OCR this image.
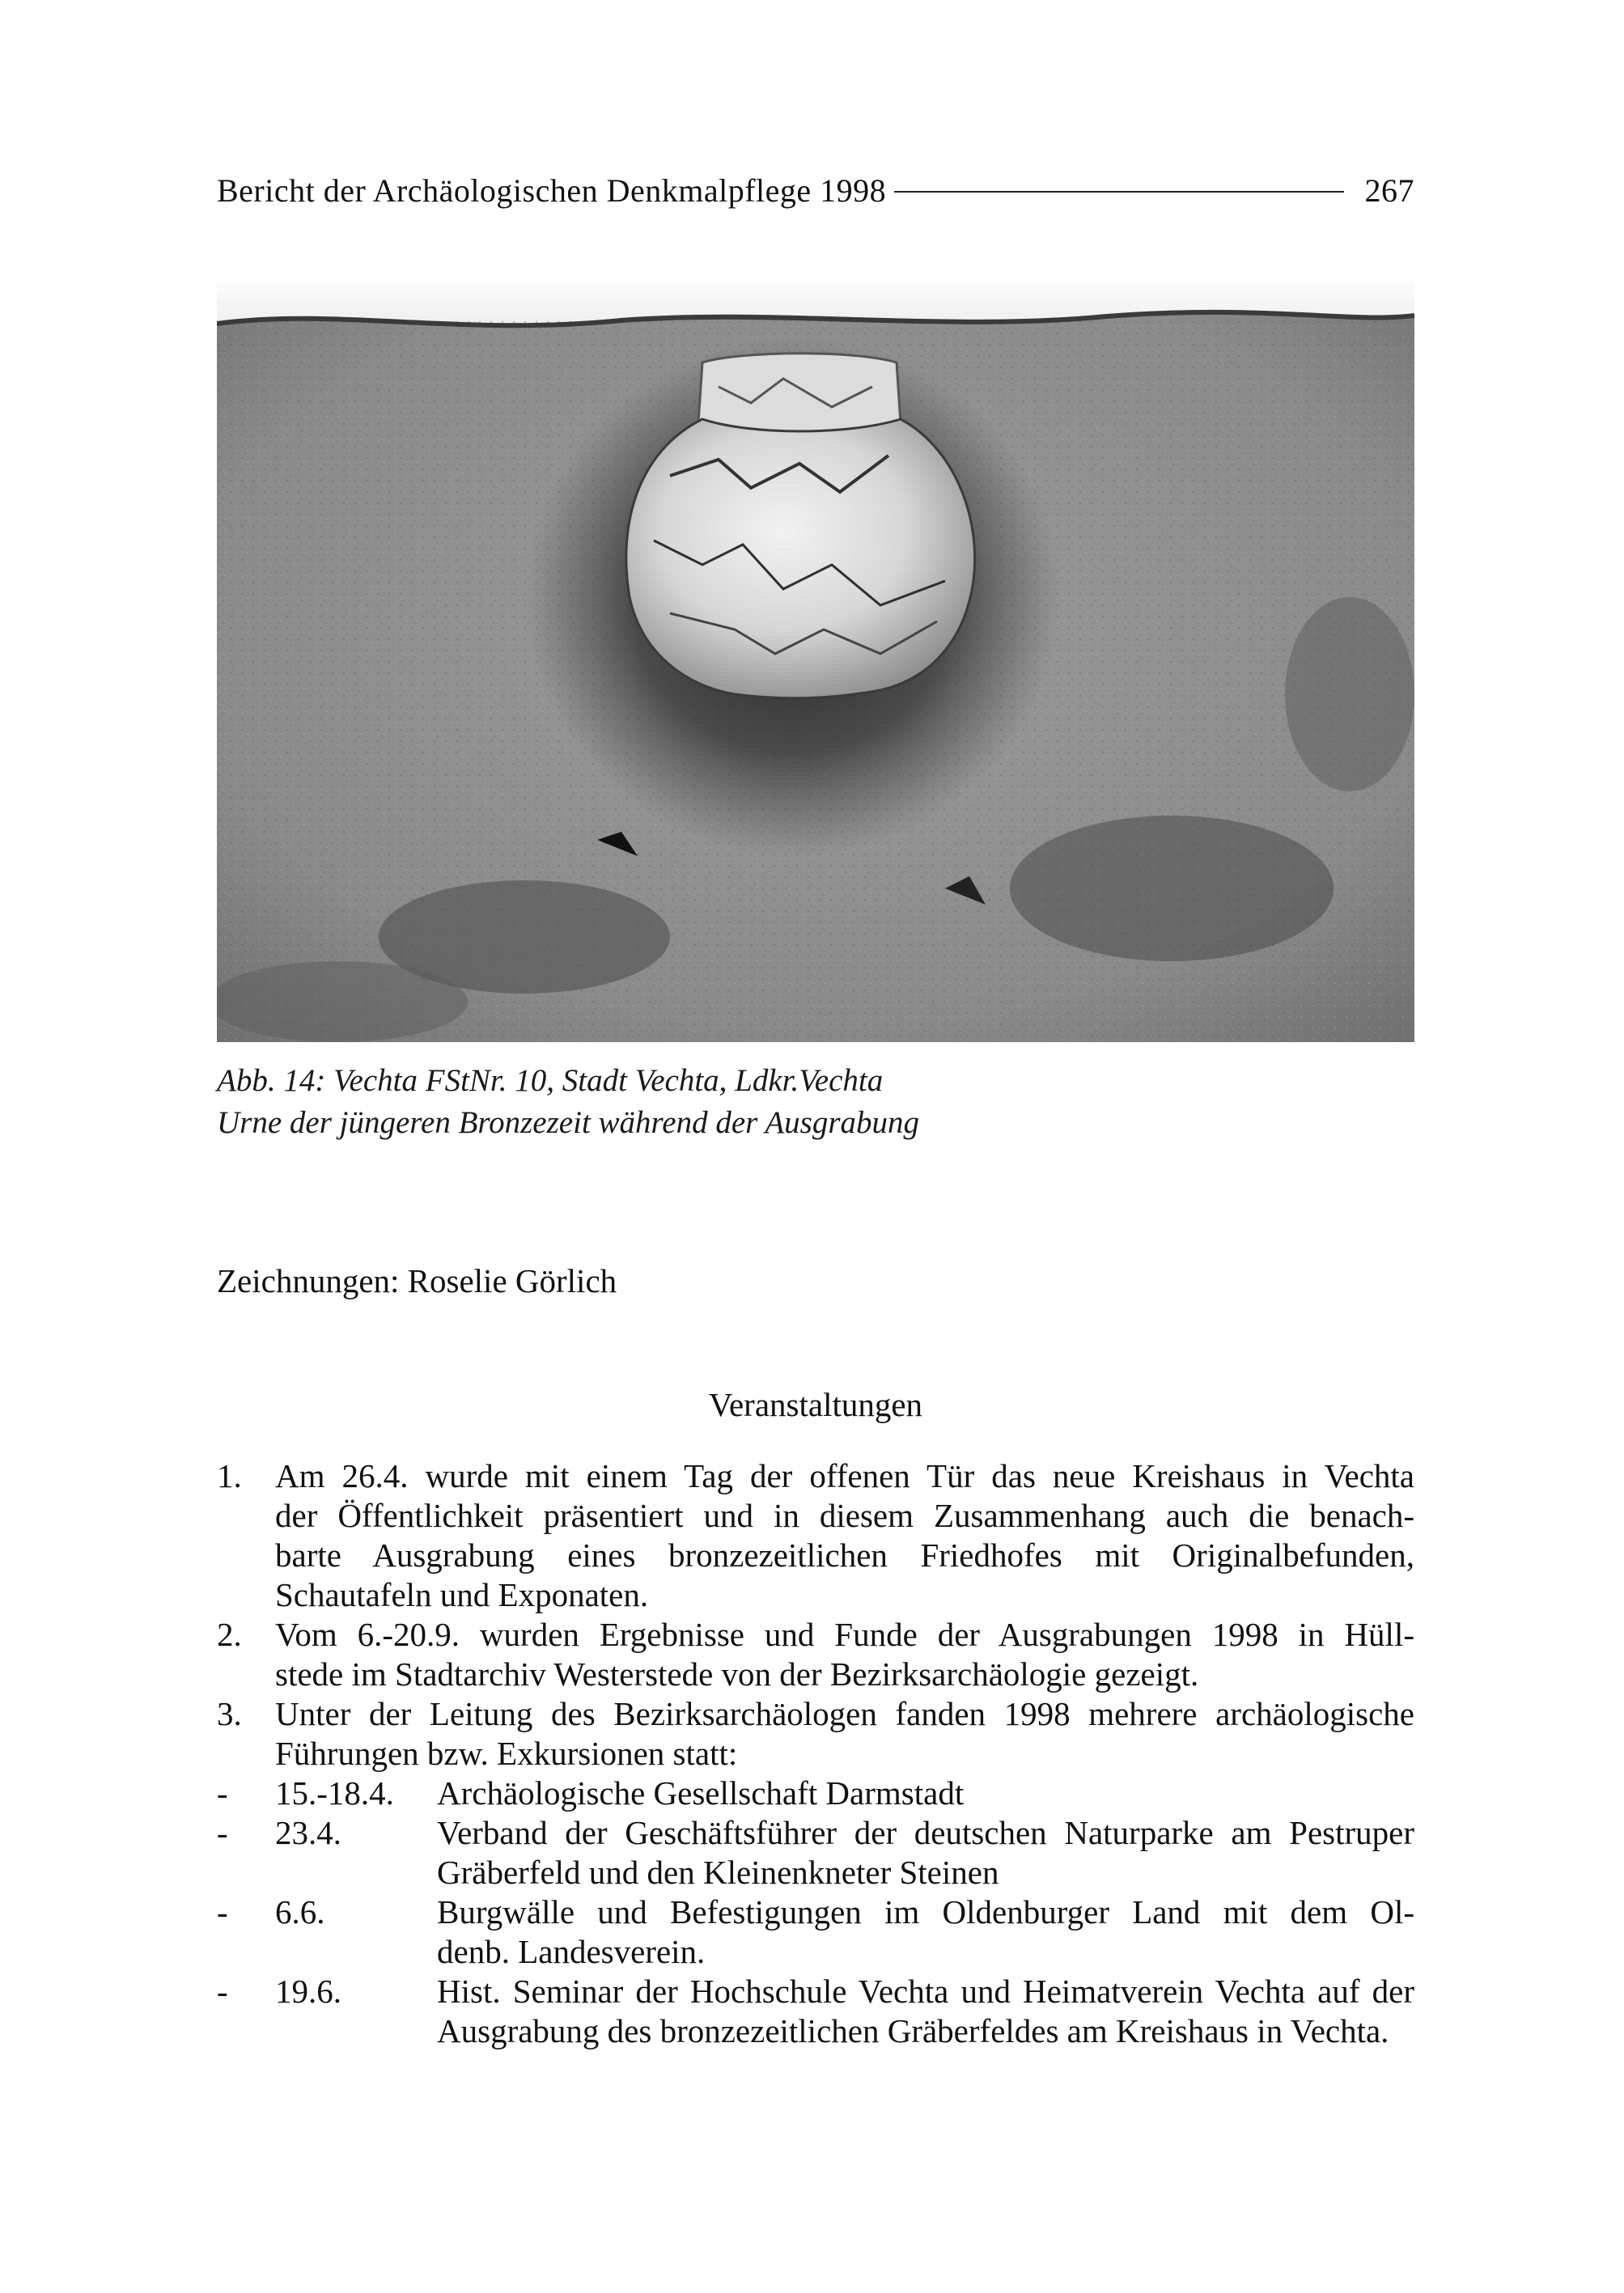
Bericht der Archäologischen Denkmalpflege 1998	267
Abb. 14: Vechta FStNr. 10, Stadt Vechta, Ldkr.Vechta
Urne der jüngeren Bronzezeit während der Ausgrabung
Zeichnungen: Roselie Görlich
Veranstaltungen
1.	Am 26.4. wurde mit einem Tag der offenen Tür das neue Kreishaus in Vechta
der Öffentlichkeit präsentiert und in diesem Zusammenhang auch die benach-
barte Ausgrabung eines bronzezeitlichen Friedhofes mit Originalbefunden,
Schautafeln und Exponaten.
2.	Vom 6.-20.9. wurden Ergebnisse und Funde der Ausgrabungen 1998 in Hüll-
stede im Stadtarchiv Westerstede von der Bezirksarchäologie gezeigt.
3.	Unter der Leitung des Bezirksarchäologen fanden 1998 mehrere archäologische
Führungen bzw. Exkursionen statt:
-	15.-18.4.	Archäologische Gesellschaft Darmstadt
-	23.4.	Verband der Geschäftsführer der deutschen Naturparke am Pestruper
Gräberfeld und den Kleinenkneter Steinen
-	6.6.	Burgwälle und Befestigungen im Oldenburger Land mit dem Ol-
denb. Landesverein.
-	19.6.	Hist. Seminar der Hochschule Vechta und Heimatverein Vechta auf der
Ausgrabung des bronzezeitlichen Gräberfeldes am Kreishaus in Vechta.
